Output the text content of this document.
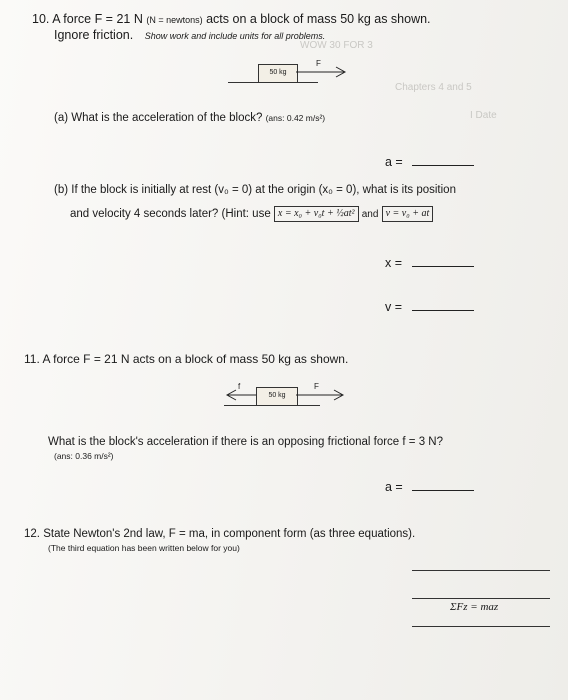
WOW 30 FOR 3
Chapters 4 and 5
I Date
10. A force F = 21 N (N = newtons) acts on a block of mass 50 kg as shown.
Ignore friction. Show work and include units for all problems.
50 kg
F
(a) What is the acceleration of the block? (ans: 0.42 m/s²)
a =
(b) If the block is initially at rest (v₀ = 0) at the origin (x₀ = 0), what is its position
and velocity 4 seconds later? (Hint: use x = x₀ + v₀t + ½at² and v = v₀ + at
x =
v =
11. A force F = 21 N acts on a block of mass 50 kg as shown.
50 kg
f	F
What is the block's acceleration if there is an opposing frictional force f = 3 N?
(ans: 0.36 m/s²)
a =
12. State Newton's 2nd law, F = ma, in component form (as three equations).
(The third equation has been written below for you)
ΣFz = maz
